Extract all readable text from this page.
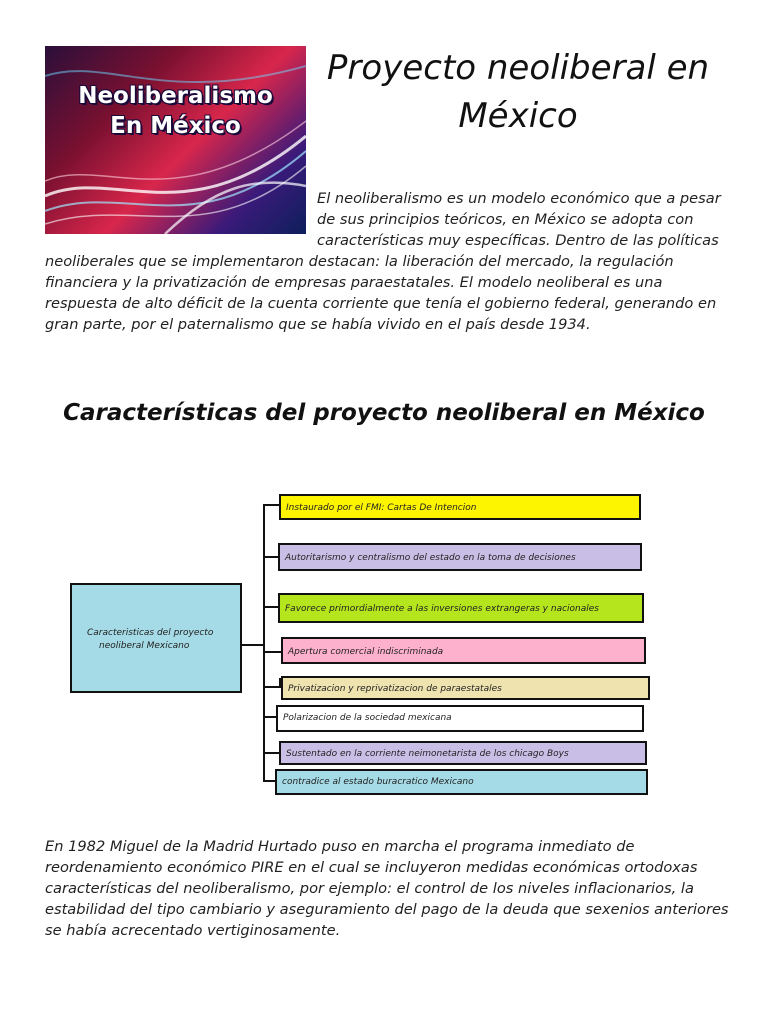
Neoliberalismo
En México
Proyecto neoliberal en
México

El neoliberalismo es un modelo económico que a pesar de sus principios teóricos, en México se adopta con características muy específicas. Dentro de las políticas neoliberales que se implementaron destacan: la liberación del mercado, la regulación financiera y la privatización de empresas paraestatales. El modelo neoliberal es una respuesta de alto déficit de la cuenta corriente que tenía el gobierno federal, generando en gran parte, por el paternalismo que se había vivido en el país desde 1934.

Características del proyecto neoliberal en México
Caracteristicas del proyecto
neoliberal Mexicano
Instaurado por el FMI: Cartas De Intencion
Autoritarismo y centralismo del estado en la toma de decisiones
Favorece primordialmente a las inversiones extrangeras y nacionales
Apertura comercial indiscriminada
Privatizacion y reprivatizacion de paraestatales
Polarizacion de la sociedad mexicana
Sustentado en la corriente neimonetarista de los chicago Boys
contradice al estado buracratico Mexicano

En 1982 Miguel de la Madrid Hurtado puso en marcha el programa inmediato de reordenamiento económico PIRE en el cual se incluyeron medidas económicas ortodoxas características del neoliberalismo, por ejemplo: el control de los niveles inflacionarios, la estabilidad del tipo cambiario y aseguramiento del pago de la deuda que sexenios anteriores se había acrecentado vertiginosamente.
